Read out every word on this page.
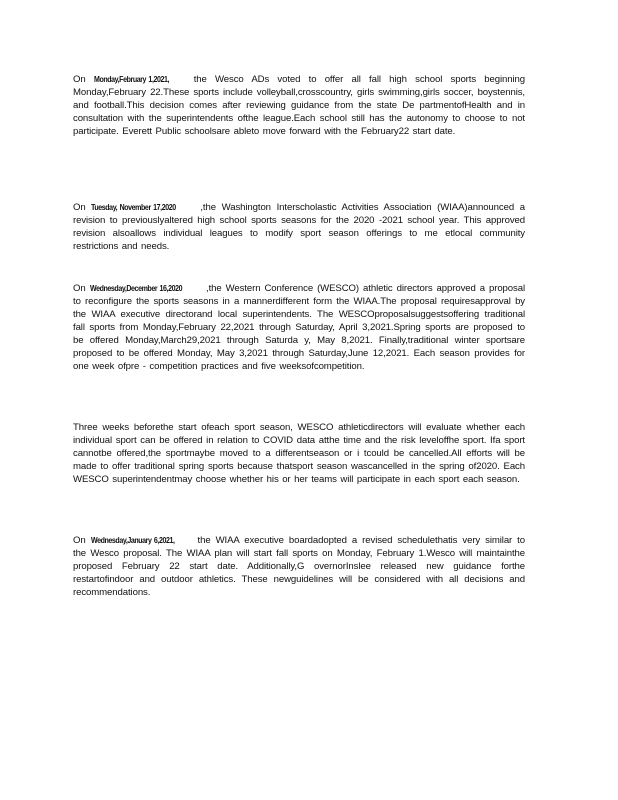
On Monday,February 1,2021, the Wesco ADs voted to offer all fall high school sports beginning Monday,February 22.These sports include volleyball,crosscountry, girls swimming,girls soccer, boystennis, and football.This decision comes after reviewing guidance from the state De partmentofHealth and in consultation with the superintendents ofthe league.Each school still has the autonomy to choose to not participate. Everett Public schoolsare ableto move forward with the February22 start date.
On Tuesday, November 17,2020 ,the Washington Interscholastic Activities Association (WIAA)announced a revision to previouslyaltered high school sports seasons for the 2020 -2021 school year. This approved revision alsoallows individual leagues to modify sport season offerings to me etlocal community restrictions and needs.
On Wednesday,December 16,2020 ,the Western Conference (WESCO) athletic directors approved a proposal to reconfigure the sports seasons in a mannerdifferent form the WIAA.The proposal requiresapproval by the WIAA executive directorand local superintendents. The WESCOproposalsuggestsoffering traditional fall sports from Monday,February 22,2021 through Saturday, April 3,2021.Spring sports are proposed to be offered Monday,March29,2021 through Saturda y, May 8,2021. Finally,traditional winter sportsare proposed to be offered Monday, May 3,2021 through Saturday,June 12,2021. Each season provides for one week ofpre - competition practices and five weeksofcompetition.
Three weeks beforethe start ofeach sport season, WESCO athleticdirectors will evaluate whether each individual sport can be offered in relation to COVID data atthe time and the risk leveloffhe sport. Ifa sport cannotbe offered,the sportmaybe moved to a differentseason or i tcould be cancelled.All efforts will be made to offer traditional spring sports because thatsport season wascancelled in the spring of2020. Each WESCO superintendentmay choose whether his or her teams will participate in each sport each season.
On Wednesday,January 6,2021, the WIAA executive boardadopted a revised schedulethatis very similar to the Wesco proposal. The WIAA plan will start fall sports on Monday, February 1.Wesco will maintainthe proposed February 22 start date. Additionally,G overnorInslee released new guidance forthe restartofindoor and outdoor athletics. These newguidelines will be considered with all decisions and recommendations.
